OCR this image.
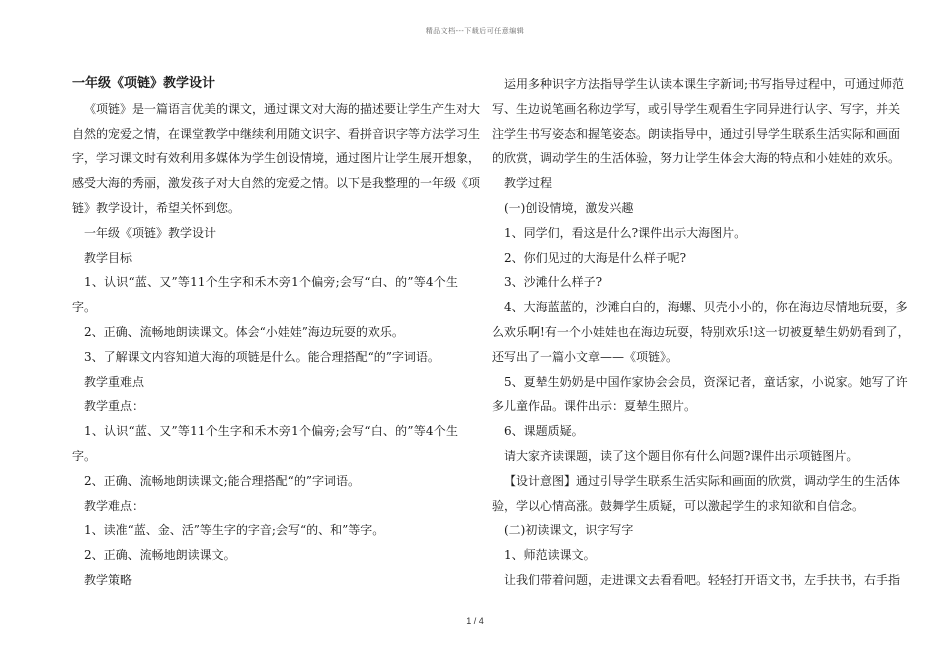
精品文档---下载后可任意编辑
一年级《项链》教学设计
《项链》是一篇语言优美的课文，通过课文对大海的描述要让学生产生对大
自然的宠爱之情，在课堂教学中继续利用随文识字、看拼音识字等方法学习生
字，学习课文时有效利用多媒体为学生创设情境，通过图片让学生展开想象，
感受大海的秀丽，激发孩子对大自然的宠爱之情。以下是我整理的一年级《项
链》教学设计，希望关怀到您。
一年级《项链》教学设计
教学目标
1、认识“蓝、又”等11个生字和禾木旁1个偏旁;会写“白、的”等4个生
字。
2、正确、流畅地朗读课文。体会“小娃娃”海边玩耍的欢乐。
3、了解课文内容知道大海的项链是什么。能合理搭配“的”字词语。
教学重难点
教学重点：
1、认识“蓝、又”等11个生字和禾木旁1个偏旁;会写“白、的”等4个生
字。
2、正确、流畅地朗读课文;能合理搭配“的”字词语。
教学难点：
1、读准“蓝、金、活”等生字的字音;会写“的、和”等字。
2、正确、流畅地朗读课文。
教学策略
运用多种识字方法指导学生认读本课生字新词;书写指导过程中，可通过师范
写、生边说笔画名称边学写，或引导学生观看生字同异进行认字、写字，并关
注学生书写姿态和握笔姿态。朗读指导中，通过引导学生联系生活实际和画面
的欣赏，调动学生的生活体验，努力让学生体会大海的特点和小娃娃的欢乐。
教学过程
(一)创设情境，激发兴趣
1、同学们，看这是什么?课件出示大海图片。
2、你们见过的大海是什么样子呢?
3、沙滩什么样子?
4、大海蓝蓝的，沙滩白白的，海螺、贝壳小小的，你在海边尽情地玩耍，多
么欢乐啊!有一个小娃娃也在海边玩耍，特别欢乐!这一切被夏辇生奶奶看到了，
还写出了一篇小文章——《项链》。
5、夏辇生奶奶是中国作家协会会员，资深记者，童话家，小说家。她写了许
多儿童作品。课件出示：夏辇生照片。
6、课题质疑。
请大家齐读课题，读了这个题目你有什么问题?课件出示项链图片。
【设计意图】通过引导学生联系生活实际和画面的欣赏，调动学生的生活体
验，学以心情高涨。鼓舞学生质疑，可以激起学生的求知欲和自信念。
(二)初读课文，识字写字
1、师范读课文。
让我们带着问题，走进课文去看看吧。轻轻打开语文书，左手扶书，右手指
1 / 4
